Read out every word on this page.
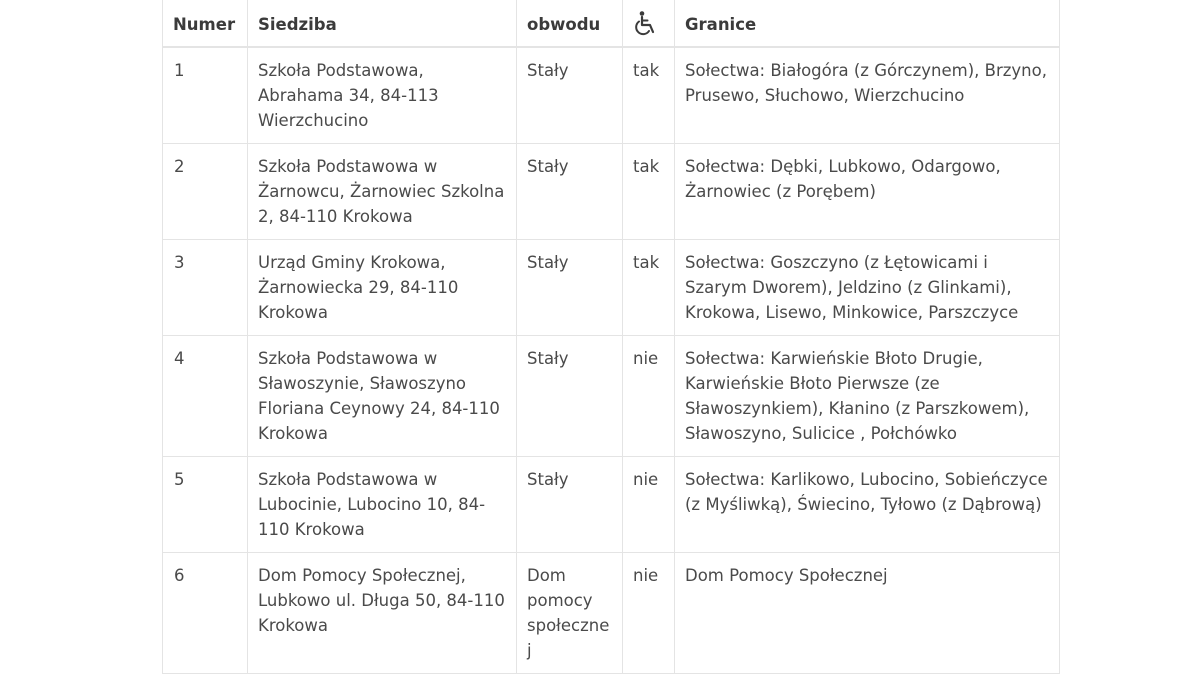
Numer	Siedziba	obwodu		Granice
1	Szkoła Podstawowa, Abrahama 34, 84-113 Wierzchucino	Stały	tak	Sołectwa: Białogóra (z Górczynem), Brzyno, Prusewo, Słuchowo, Wierzchucino
2	Szkoła Podstawowa w Żarnowcu, Żarnowiec Szkolna 2, 84-110 Krokowa	Stały	tak	Sołectwa: Dębki, Lubkowo, Odargowo, Żarnowiec (z Porębem)
3	Urząd Gminy Krokowa, Żarnowiecka 29, 84-110 Krokowa	Stały	tak	Sołectwa: Goszczyno (z Łętowicami i Szarym Dworem), Jeldzino (z Glinkami), Krokowa, Lisewo, Minkowice, Parszczyce
4	Szkoła Podstawowa w Sławoszynie, Sławoszyno Floriana Ceynowy 24, 84-110 Krokowa	Stały	nie	Sołectwa: Karwieńskie Błoto Drugie, Karwieńskie Błoto Pierwsze (ze Sławoszynkiem), Kłanino (z Parszkowem), Sławoszyno, Sulicice , Połchówko
5	Szkoła Podstawowa w Lubocinie, Lubocino 10, 84-110 Krokowa	Stały	nie	Sołectwa: Karlikowo, Lubocino, Sobieńczyce (z Myśliwką), Świecino, Tyłowo (z Dąbrową)
6	Dom Pomocy Społecznej, Lubkowo ul. Długa 50, 84-110 Krokowa	Dom pomocy społecznej	nie	Dom Pomocy Społecznej
